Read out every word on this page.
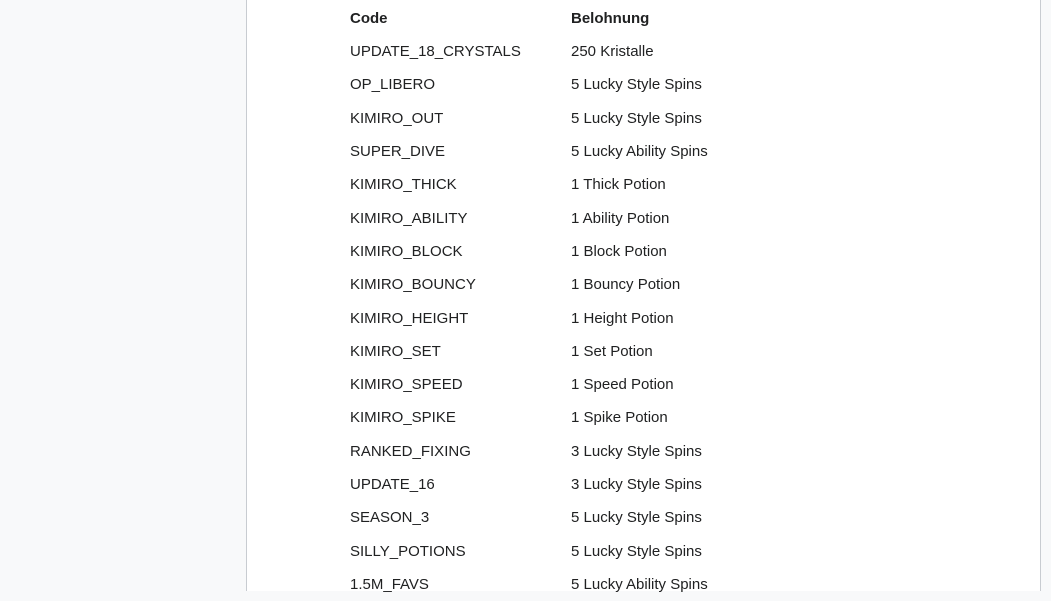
Code	Belohnung
UPDATE_18_CRYSTALS	250 Kristalle
OP_LIBERO	5 Lucky Style Spins
KIMIRO_OUT	5 Lucky Style Spins
SUPER_DIVE	5 Lucky Ability Spins
KIMIRO_THICK	1 Thick Potion
KIMIRO_ABILITY	1 Ability Potion
KIMIRO_BLOCK	1 Block Potion
KIMIRO_BOUNCY	1 Bouncy Potion
KIMIRO_HEIGHT	1 Height Potion
KIMIRO_SET	1 Set Potion
KIMIRO_SPEED	1 Speed Potion
KIMIRO_SPIKE	1 Spike Potion
RANKED_FIXING	3 Lucky Style Spins
UPDATE_16	3 Lucky Style Spins
SEASON_3	5 Lucky Style Spins
SILLY_POTIONS	5 Lucky Style Spins
1.5M_FAVS	5 Lucky Ability Spins
